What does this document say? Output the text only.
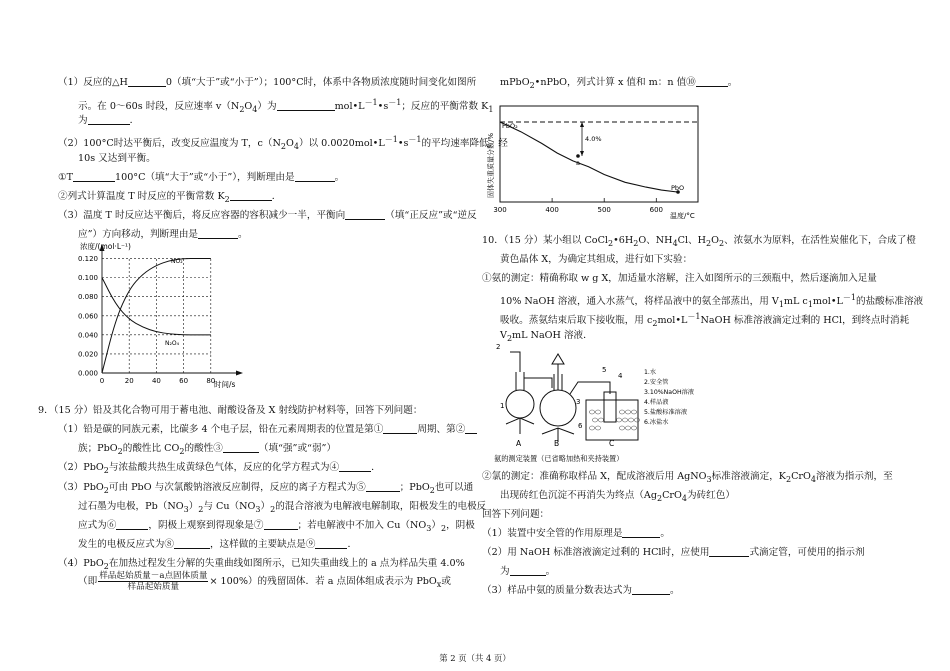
（1）反应的△H	0（填“大于”或“小于”）；100°C时，体系中各物质浓度随时间变化如图所
示。在 0～60s 时段，反应速率 $v(N_2O_4)$为	$mol•L^{-1}•s^{-1}$；反应的平衡常数 $K_1$
为	．
（2）100°C时达平衡后，改变反应温度为 T，$c(N_2O_4)$以 $0.0020mol•L^{-1}•s^{-1}$的平均速率降低，经
10s 又达到平衡。
①T	100°C（填“大于”或“小于”），判断理由是	。
②列式计算温度 T 时反应的平衡常数 $K_2$	．
（3）温度 T 时反应达平衡后，将反应容器的容积减少一半，平衡向	（填“正反应”或“逆反
应”）方向移动，判断理由是	。
0.000
0.020
0.040
0.060
0.080
0.100
0.120
0	20	40	60	80
浓度/(mol·L⁻¹)
时间/s
NO₂
N₂O₄
9．（15 分）铅及其化合物可用于蓄电池、耐酸设备及 X 射线防护材料等，回答下列问题：
（1）铅是碳的同族元素，比碳多 4 个电子层，铅在元素周期表的位置是第①	周期、第②
族；PbO$_2$的酸性比 $CO_2$的酸性③	（填“强”或“弱”）
（2）PbO$_2$与浓盐酸共热生成黄绿色气体，反应的化学方程式为④	．
（3）PbO$_2$可由 PbO 与次氯酸钠溶液反应制得，反应的离子方程式为⑤	；PbO$_2$也可以通
过石墨为电极，$Pb(NO_3)_2$与 $Cu(NO_3)_2$的混合溶液为电解液电解制取，阳极发生的电极反
应式为⑥	，阴极上观察到得现象是⑦	；若电解液中不加入 $Cu(NO_3)_2$，阴极
发生的电极反应式为⑧	，这样做的主要缺点是⑨	．
（4）PbO$_2$在加热过程发生分解的失重曲线如图所示，已知失重曲线上的 a 点为样品失重 4.0%
（即 $\frac{\text{样品起始质量－a点固体质量}}{\text{样品起始质量}} \times 100\%$）的残留固体．若 a 点固体组成表示为 PbO$_x$或
mPbO$_2$•nPbO，列式计算 x 值和 m：n 值⑩	。
300	400	500	600
PbO₂
PbO
a
4.0%
温度/°C
固体失重质量分数/%
10．（15 分）某小组以 $CoCl_2•6H_2O$、$NH_4Cl$、$H_2O_2$、浓氨水为原料，在活性炭催化下，合成了橙
黄色晶体 X，为确定其组成，进行如下实验：
①氨的测定：精确称取 w g X，加适量水溶解，注入如图所示的三颈瓶中，然后逐滴加入足量
10% NaOH 溶液，通入水蒸气，将样品液中的氨全部蒸出，用 $V_1mL$ $c_1mol•L^{-1}$的盐酸标准溶液
吸收。蒸氨结束后取下接收瓶，用 $c_2mol•L^{-1}NaOH$ 标准溶液滴定过剩的 HCl，到终点时消耗
$V_2mL$ NaOH 溶液．
2
1	3
5
4
6
A	B	C
1.水
2.安全管
3.10%NaOH溶液
4.样品液
5.盐酸标准溶液
6.冰盐水
氨的测定装置（已省略加热和夹持装置）
②氯的测定：准确称取样品 X，配成溶液后用 AgNO$_3$标准溶液滴定，$K_2CrO_4$溶液为指示剂，至
出现砖红色沉淀不再消失为终点（$Ag_2CrO_4$为砖红色）
回答下列问题：
（1）装置中安全管的作用原理是	。
（2）用 NaOH 标准溶液滴定过剩的 HCl时，应使用	式滴定管，可使用的指示剂
为	。
（3）样品中氨的质量分数表达式为	。
第 2 页（共 4 页）
